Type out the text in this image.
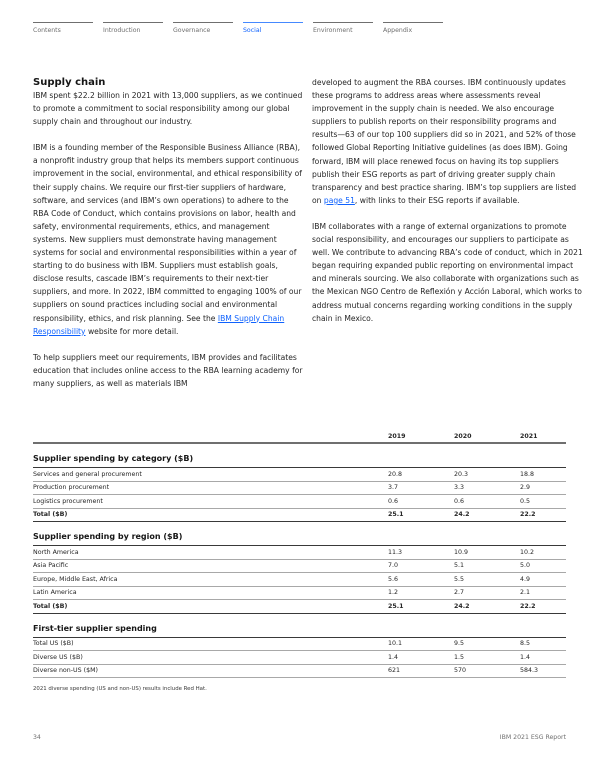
Contents	Introduction	Governance	Social	Environment	Appendix
Supply chain

IBM spent $22.2 billion in 2021 with 13,000 suppliers, as we continued to promote a commitment to social responsibility among our global supply chain and throughout our industry.

IBM is a founding member of the Responsible Business Alliance (RBA), a nonprofit industry group that helps its members support continuous improvement in the social, environmental, and ethical responsibility of their supply chains. We require our first-tier suppliers of hardware, software, and services (and IBM’s own operations) to adhere to the RBA Code of Conduct, which contains provisions on labor, health and safety, environmental requirements, ethics, and management systems. New suppliers must demonstrate having management systems for social and environmental responsibilities within a year of starting to do business with IBM. Suppliers must establish goals, disclose results, cascade IBM’s requirements to their next-tier suppliers, and more. In 2022, IBM committed to engaging 100% of our suppliers on sound practices including social and environmental responsibility, ethics, and risk planning. See the IBM Supply Chain Responsibility website for more detail.

To help suppliers meet our requirements, IBM provides and facilitates education that includes online access to the RBA learning academy for many suppliers, as well as materials IBM

developed to augment the RBA courses. IBM continuously updates these programs to address areas where assessments reveal improvement in the supply chain is needed. We also encourage suppliers to publish reports on their responsibility programs and results—63 of our top 100 suppliers did so in 2021, and 52% of those followed Global Reporting Initiative guidelines (as does IBM). Going forward, IBM will place renewed focus on having its top suppliers publish their ESG reports as part of driving greater supply chain transparency and best practice sharing. IBM’s top suppliers are listed on page 51, with links to their ESG reports if available.

IBM collaborates with a range of external organizations to promote social responsibility, and encourages our suppliers to participate as well. We contribute to advancing RBA’s code of conduct, which in 2021 began requiring expanded public reporting on environmental impact and minerals sourcing. We also collaborate with organizations such as the Mexican NGO Centro de Reflexión y Acción Laboral, which works to address mutual concerns regarding working conditions in the supply chain in Mexico.

2019	2020	2021
Supplier spending by category ($B)
Services and general procurement	20.8	20.3	18.8
Production procurement	3.7	3.3	2.9
Logistics procurement	0.6	0.6	0.5
Total ($B)	25.1	24.2	22.2
Supplier spending by region ($B)
North America	11.3	10.9	10.2
Asia Pacific	7.0	5.1	5.0
Europe, Middle East, Africa	5.6	5.5	4.9
Latin America	1.2	2.7	2.1
Total ($B)	25.1	24.2	22.2
First-tier supplier spending
Total US ($B)	10.1	9.5	8.5
Diverse US ($B)	1.4	1.5	1.4
Diverse non-US ($M)	621	570	584.3
2021 diverse spending (US and non-US) results include Red Hat.
34	IBM 2021 ESG Report
